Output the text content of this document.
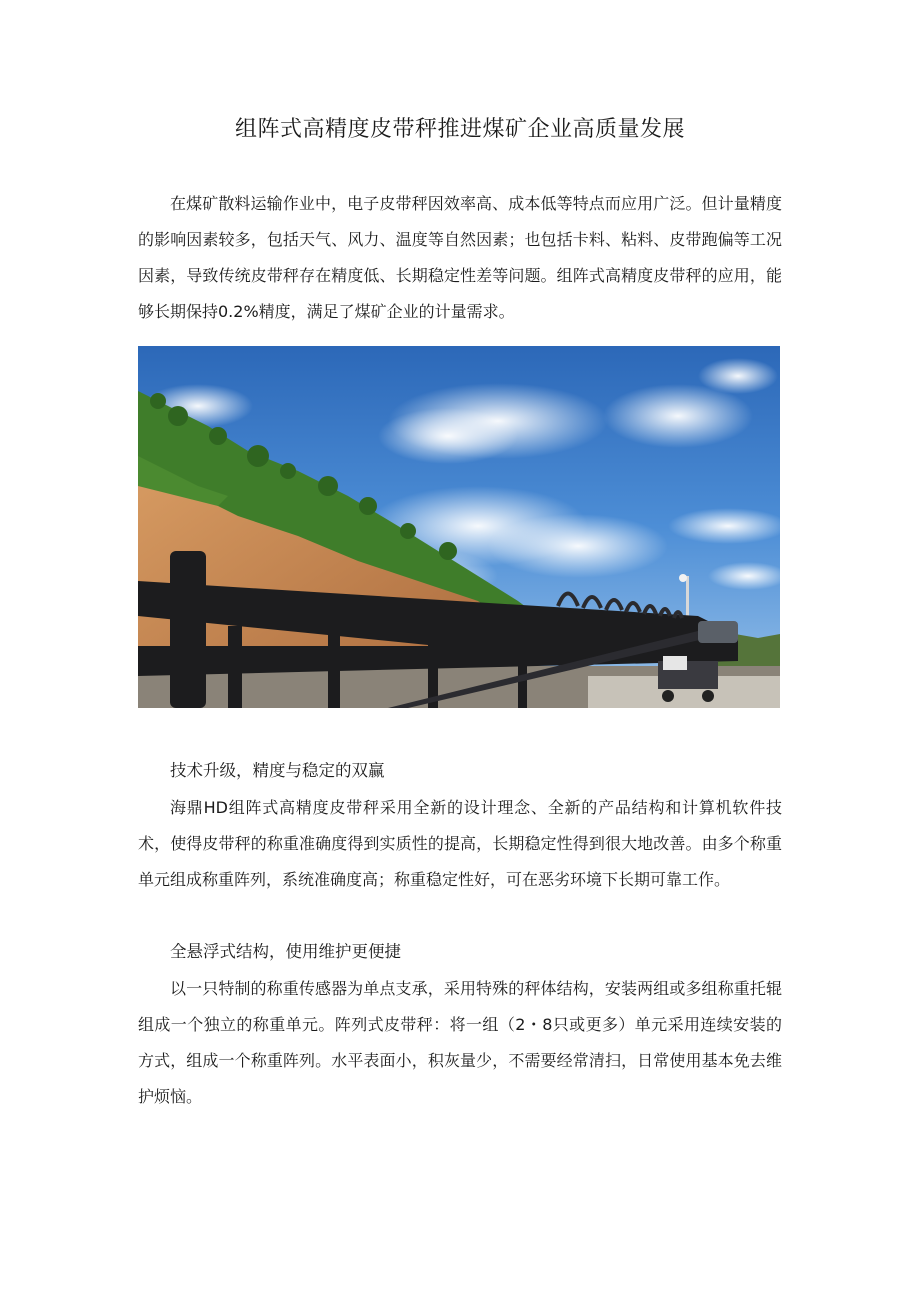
组阵式高精度皮带秤推进煤矿企业高质量发展

在煤矿散料运输作业中，电子皮带秤因效率高、成本低等特点而应用广泛。但计量精度的影响因素较多，包括天气、风力、温度等自然因素；也包括卡料、粘料、皮带跑偏等工况因素，导致传统皮带秤存在精度低、长期稳定性差等问题。组阵式高精度皮带秤的应用，能够长期保持0.2%精度，满足了煤矿企业的计量需求。

技术升级，精度与稳定的双赢

海鼎HD组阵式高精度皮带秤采用全新的设计理念、全新的产品结构和计算机软件技术，使得皮带秤的称重准确度得到实质性的提高，长期稳定性得到很大地改善。由多个称重单元组成称重阵列，系统准确度高；称重稳定性好，可在恶劣环境下长期可靠工作。

全悬浮式结构，使用维护更便捷

以一只特制的称重传感器为单点支承，采用特殊的秤体结构，安装两组或多组称重托辊组成一个独立的称重单元。阵列式皮带秤：将一组（2・8只或更多）单元采用连续安装的方式，组成一个称重阵列。水平表面小，积灰量少，不需要经常清扫，日常使用基本免去维护烦恼。
